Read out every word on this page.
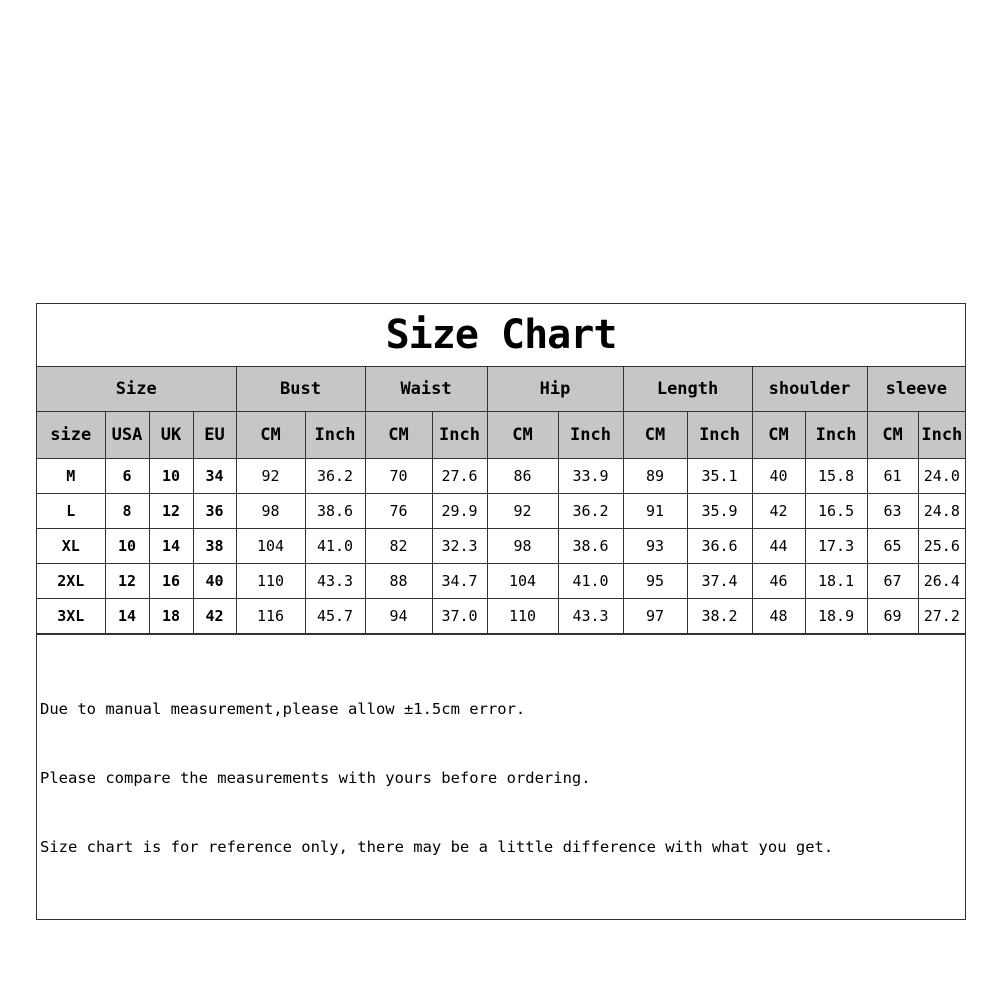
Size Chart
Size				Bust		Waist		Hip		Length		shoulder		sleeve	
size	USA	UK	EU	CM	Inch	CM	Inch	CM	Inch	CM	Inch	CM	Inch	CM	Inch
M	6	10	34	92	36.2	70	27.6	86	33.9	89	35.1	40	15.8	61	24.0
L	8	12	36	98	38.6	76	29.9	92	36.2	91	35.9	42	16.5	63	24.8
XL	10	14	38	104	41.0	82	32.3	98	38.6	93	36.6	44	17.3	65	25.6
2XL	12	16	40	110	43.3	88	34.7	104	41.0	95	37.4	46	18.1	67	26.4
3XL	14	18	42	116	45.7	94	37.0	110	43.3	97	38.2	48	18.9	69	27.2

Due to manual measurement,please allow ±1.5cm error.

Please compare the measurements with yours before ordering.

Size chart is for reference only, there may be a little difference with what you get.
